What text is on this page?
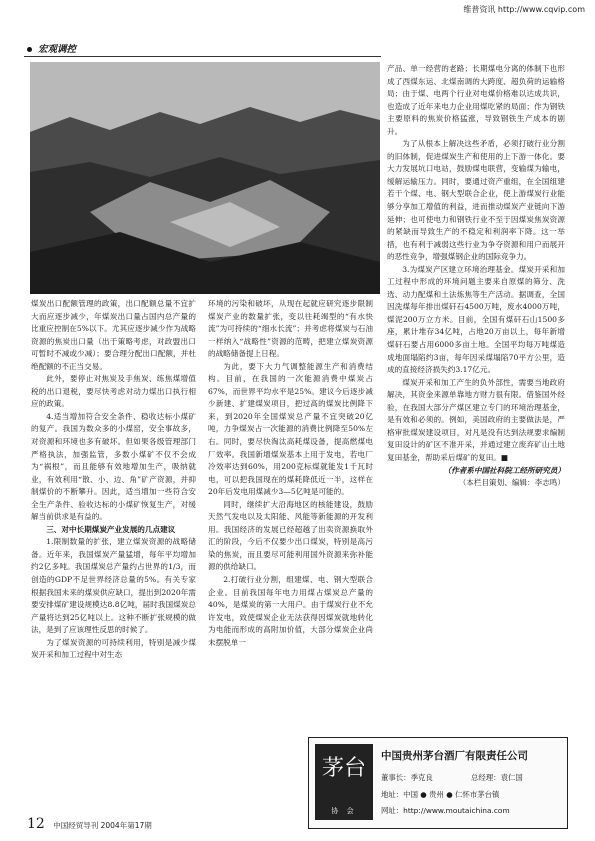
维普资讯 http://www.cqvip.com
宏观调控

煤炭出口配额管理的政策，出口配额总量不宜扩大而应逐步减少，年煤炭出口量占国内总产量的比重应控制在5%以下。尤其应逐步减少作为战略资源的焦炭出口量（出于策略考虑，对政盟出口可暂时不减或少减）；要合理分配出口配额，并杜绝配额的不正当交易。

此外，要停止对焦炭及手焦炭、练焦煤增值税的出口退税，要尽快考虑对动力煤出口执行相应的政策。

4.适当增加符合安全条件、稳收达标小煤矿的复产。我国为数众多的小煤窑，安全事故多，对资源和环境也多有破坏。但如果各级管理部门严格执法，加强监管，多数小煤矿不仅不会成为“祸根”，而且能够有效地增加生产，吸纳就业，有效利用“散、小、边、角”矿产资源，并抑制煤价的不断攀升。因此，适当增加一些符合安全生产条件、验收达标的小煤矿恢复生产，对缓解当前供求是有益的。

三、对中长期煤炭产业发展的几点建议

1.限制数量的扩张，建立煤炭资源的战略储备。近年来，我国煤炭产量猛增，每年平均增加约2亿多吨。我国煤炭总产量约占世界的1/3，而创造的GDP不足世界经济总量的5%。有关专家根据我国未来的煤炭供应缺口，提出到2020年需要安排煤矿建设规模达8.8亿吨，届时我国煤炭总产量将达到25亿吨以上。这种不断扩张规模的做法，是到了应该理性反思的时候了。

为了煤炭资源的可持续利用，特别是减少煤炭开采和加工过程中对生态

环境的污染和破坏，从现在起就应研究逐步限制煤炭产业的数量扩张，变以往耗竭型的“有水快流”为可持续的“细水长流”；并考虑将煤炭与石油一样纳入“战略性”资源的范畴，把建立煤炭资源的战略储备提上日程。

为此，要下大力气调整能源生产和消费结构。目前，在我国的一次能源消费中煤炭占67%，而世界平均水平是25%。建议今后逐步减少新建、扩建煤炭项目，把过高的煤炭比例降下来，到2020年全国煤炭总产量不宜突破20亿吨，力争煤炭占一次能源的消费比例降至50%左右。同时，要尽快淘汰高耗煤设备，提高燃煤电厂效率。我国新增煤炭基本上用于发电，若电厂冷效率达到60%，用200克标煤就能发1千瓦时电，可以把我国现在的煤耗降低近一半，这样在20年后发电用煤减少3—5亿吨是可能的。

同时，继续扩大沿海地区的核能建设，鼓励天然气发电以及太阳能、风能等新能源的开发利用。我国经济的发展已经超越了出卖资源换取外汇的阶段，今后不仅要少出口煤炭，特别是高污染的焦炭，而且要尽可能利用国外资源来弥补能源的供给缺口。

2.打破行业分割，组建煤、电、钢大型联合企业。目前我国每年电力用煤占煤炭总产量的40%，是煤炭的第一大用户。由于煤炭行业不允许发电，致使煤炭企业无法获得因煤炭就地转化为电能而形成的高附加价值，大部分煤炭企业尚未摆脱单一

产品、单一经营的老路；长期煤电分离的体制下也形成了西煤东运、北煤南调的大跨度、超负荷的运输格局；由于煤、电两个行业对电煤价格难以达成共识，也造成了近年来电力企业用煤吃紧的局面；作为钢铁主要原料的焦炭价格猛涨，导致钢铁生产成本的剧升。

为了从根本上解决这些矛盾，必须打破行业分割的旧体制，促进煤炭生产和使用的上下游一体化。要大力发展坑口电站，鼓励煤电联营，变输煤为输电，缓解运输压力。同时，要通过资产重组，在全国组建若干个煤、电、钢大型联合企业，使上游煤炭行业能够分享加工增值的利益，进而推动煤炭产业链向下游延伸；也可使电力和钢铁行业不至于因煤炭焦炭资源的紧缺而导致生产的不稳定和利润率下降。这一举措，也有利于减弱这些行业为争夺资源和用户而展开的恶性竞争，增强煤钢企业的国际竞争力。

3.为煤炭产区建立环境治理基金。煤炭开采和加工过程中形成的环境问题主要来自原煤的筛分、洗选、动力配煤和土法炼焦等生产活动。据调查，全国因洗煤每年排出煤矸石4500万吨，废水4000万吨，煤泥200万立方米。目前，全国有煤矸石山1500多座，累计堆存34亿吨，占地20万亩以上，每年新增煤矸石要占用6000多亩土地。全国平均每万吨煤造成地面塌陷约3亩，每年因采煤塌陷70平方公里，造成的直接经济损失约3.17亿元。

煤炭开采和加工产生的负外部性，需要当地政府解决，其资金来源单靠地方财力很有限。借鉴国外经验，在我国大部分产煤区建立专门的环境治理基金，是有效和必须的。例如，美国政府的主要做法是，严格审批煤炭建设项目，对凡是没有达到法规要求编制复田设计的矿区不准开采，并通过建立废弃矿山土地复田基金，帮助采后煤矿的复田。■

（作者系中国社科院工经所研究员）

（本栏目策划、编辑：李志鸣）

茅台
协 会
中国贵州茅台酒厂有限责任公司
董事长：季克良	总经理：袁仁国
地址：中国 ● 贵州 ● 仁怀市茅台镇
网址：http://www.moutaichina.com
12 中国经贸导刊 2004年第17期
